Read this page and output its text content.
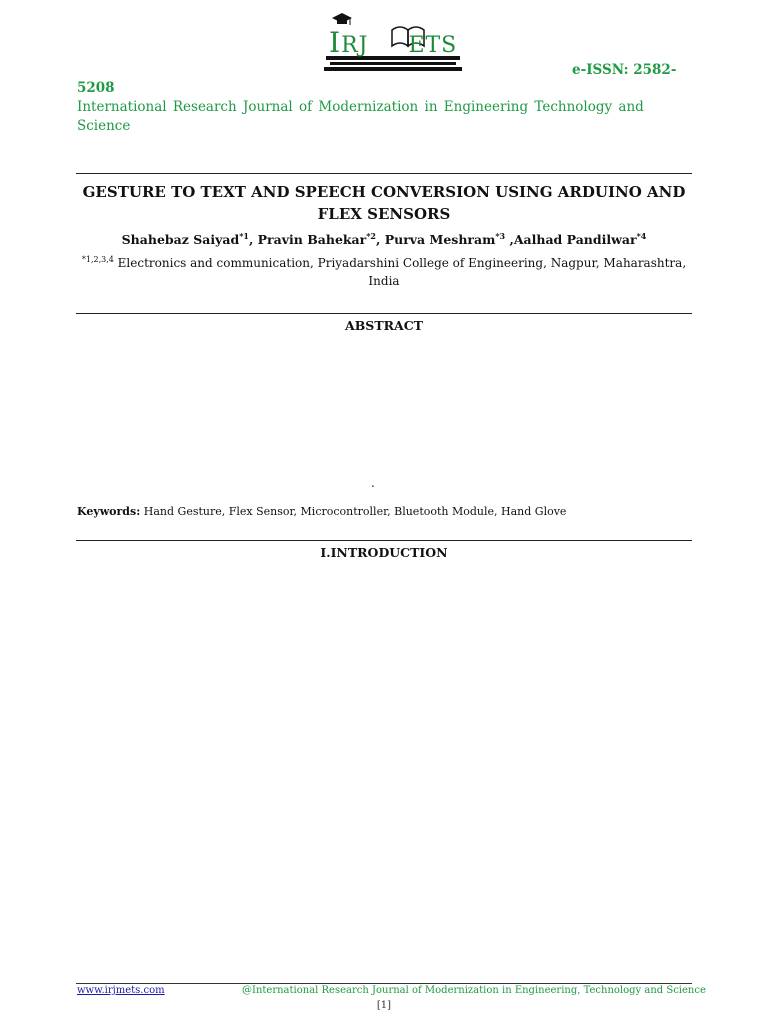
IRJ ETS
e-ISSN: 2582-
5208
International Research Journal of Modernization in Engineering Technology and Science
GESTURE TO TEXT AND SPEECH CONVERSION USING ARDUINO AND FLEX SENSORS
Shahebaz Saiyad$^{*1}$, Pravin Bahekar$^{*2}$, Purva Meshram$^{*3}$ ,Aalhad Pandilwar$^{*4}$
$^{*1,2,3,4}$ Electronics and communication, Priyadarshini College of Engineering, Nagpur, Maharashtra, India
ABSTRACT
.
Keywords: Hand Gesture, Flex Sensor, Microcontroller, Bluetooth Module, Hand Glove
I.INTRODUCTION
www.irjmets.com	@International Research Journal of Modernization in Engineering, Technology and Science
[1]
